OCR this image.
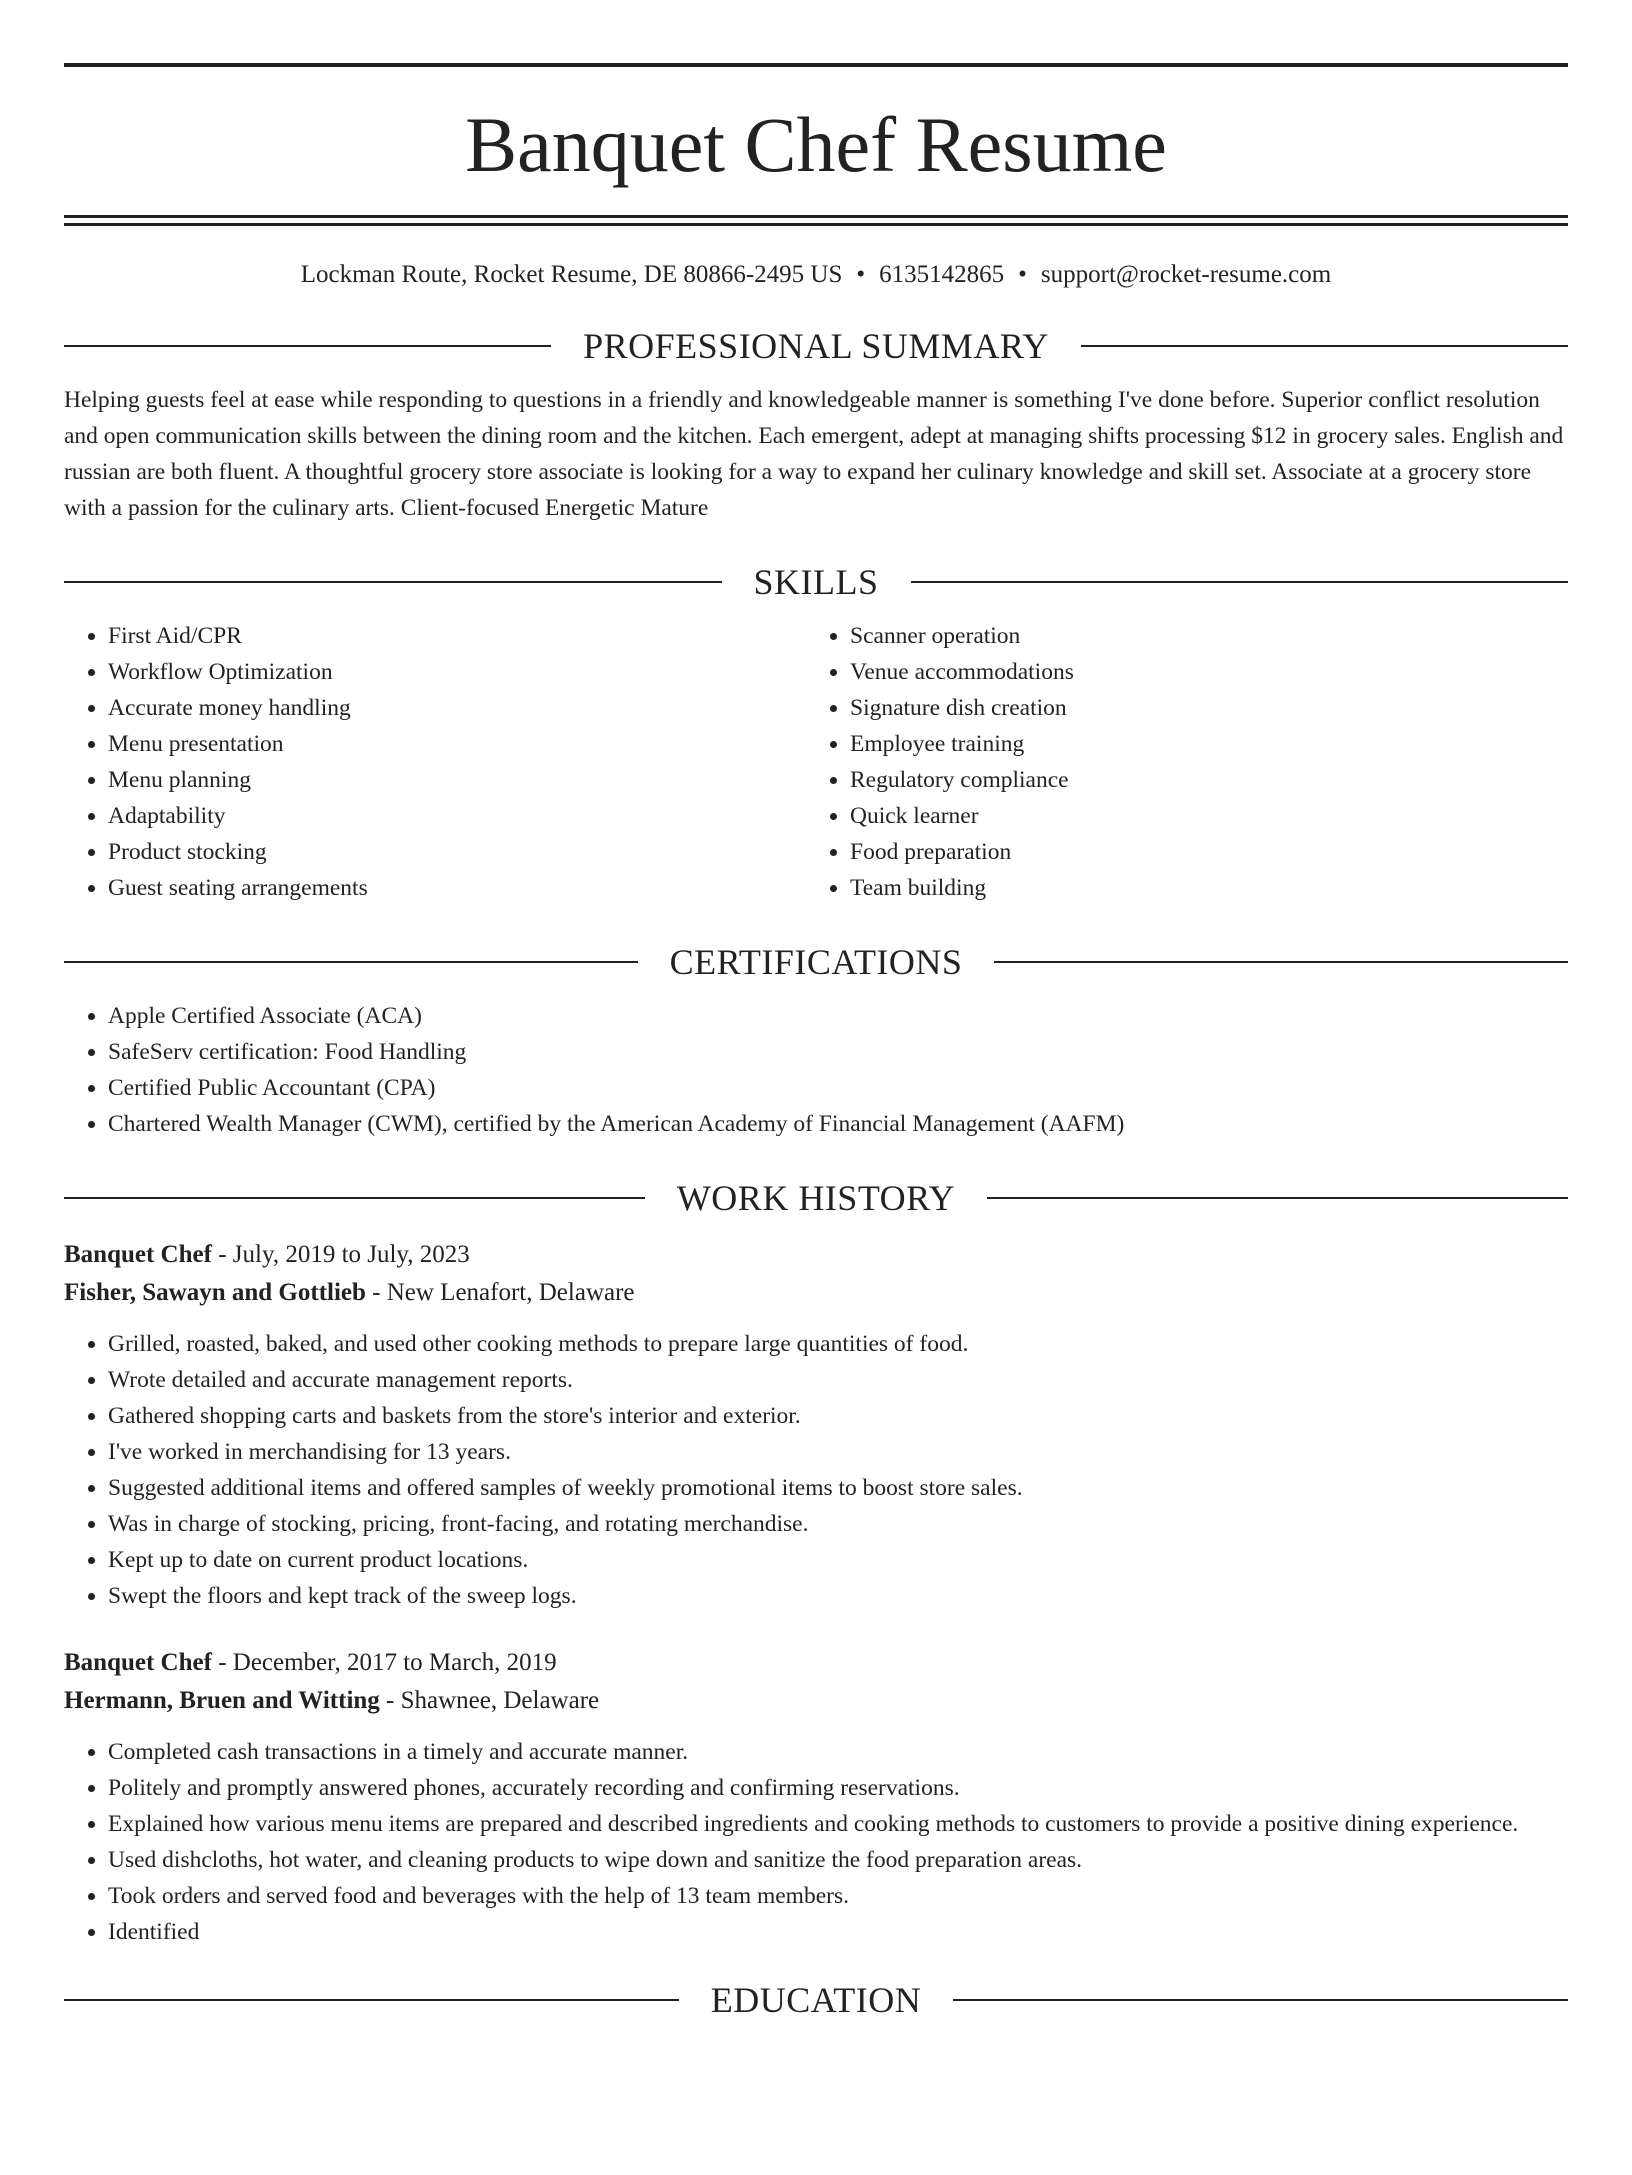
Banquet Chef Resume
Lockman Route, Rocket Resume, DE 80866-2495 US • 6135142865 • support@rocket-resume.com
PROFESSIONAL SUMMARY
Helping guests feel at ease while responding to questions in a friendly and knowledgeable manner is something I've done before. Superior conflict resolution and open communication skills between the dining room and the kitchen. Each emergent, adept at managing shifts processing $12 in grocery sales. English and russian are both fluent. A thoughtful grocery store associate is looking for a way to expand her culinary knowledge and skill set. Associate at a grocery store with a passion for the culinary arts. Client-focused Energetic Mature
SKILLS
• First Aid/CPR
• Workflow Optimization
• Accurate money handling
• Menu presentation
• Menu planning
• Adaptability
• Product stocking
• Guest seating arrangements
• Scanner operation
• Venue accommodations
• Signature dish creation
• Employee training
• Regulatory compliance
• Quick learner
• Food preparation
• Team building
CERTIFICATIONS
• Apple Certified Associate (ACA)
• SafeServ certification: Food Handling
• Certified Public Accountant (CPA)
• Chartered Wealth Manager (CWM), certified by the American Academy of Financial Management (AAFM)
WORK HISTORY
Banquet Chef - July, 2019 to July, 2023
Fisher, Sawayn and Gottlieb - New Lenafort, Delaware
• Grilled, roasted, baked, and used other cooking methods to prepare large quantities of food.
• Wrote detailed and accurate management reports.
• Gathered shopping carts and baskets from the store's interior and exterior.
• I've worked in merchandising for 13 years.
• Suggested additional items and offered samples of weekly promotional items to boost store sales.
• Was in charge of stocking, pricing, front-facing, and rotating merchandise.
• Kept up to date on current product locations.
• Swept the floors and kept track of the sweep logs.
Banquet Chef - December, 2017 to March, 2019
Hermann, Bruen and Witting - Shawnee, Delaware
• Completed cash transactions in a timely and accurate manner.
• Politely and promptly answered phones, accurately recording and confirming reservations.
• Explained how various menu items are prepared and described ingredients and cooking methods to customers to provide a positive dining experience.
• Used dishcloths, hot water, and cleaning products to wipe down and sanitize the food preparation areas.
• Took orders and served food and beverages with the help of 13 team members.
• Identified
EDUCATION
